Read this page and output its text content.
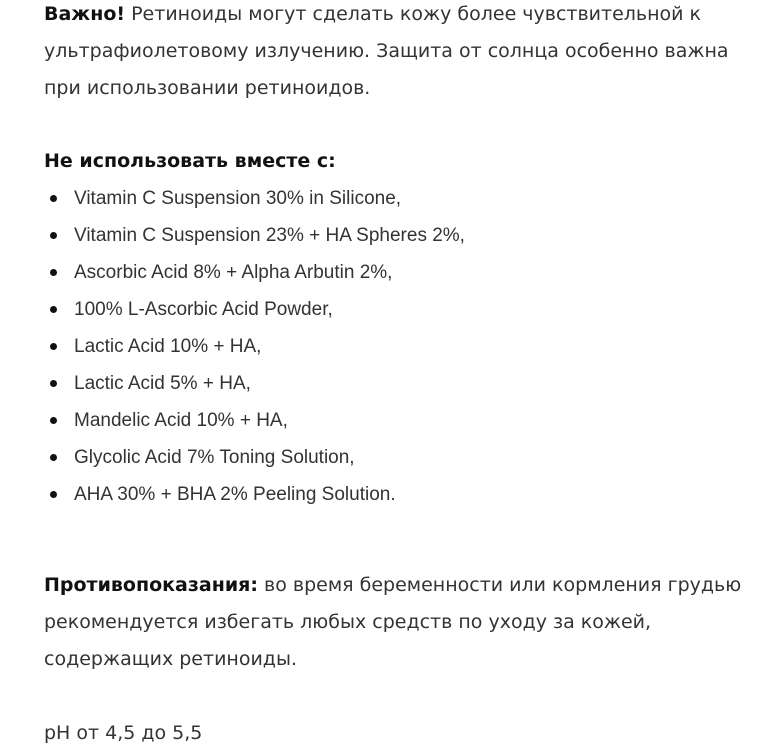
Важно! Ретиноиды могут сделать кожу более чувствительной к ультрафиолетовому излучению. Защита от солнца особенно важна при использовании ретиноидов.

Не использовать вместе с:

Vitamin C Suspension 30% in Silicone,
Vitamin C Suspension 23% + HA Spheres 2%,
Ascorbic Acid 8% + Alpha Arbutin 2%,
100% L-Ascorbic Acid Powder,
Lactic Acid 10% + HA,
Lactic Acid 5% + HA,
Mandelic Acid 10% + HA,
Glycolic Acid 7% Toning Solution,
AHA 30% + BHA 2% Peeling Solution.

Противопоказания: во время беременности или кормления грудью рекомендуется избегать любых средств по уходу за кожей, содержащих ретиноиды.

pH от 4,5 до 5,5
